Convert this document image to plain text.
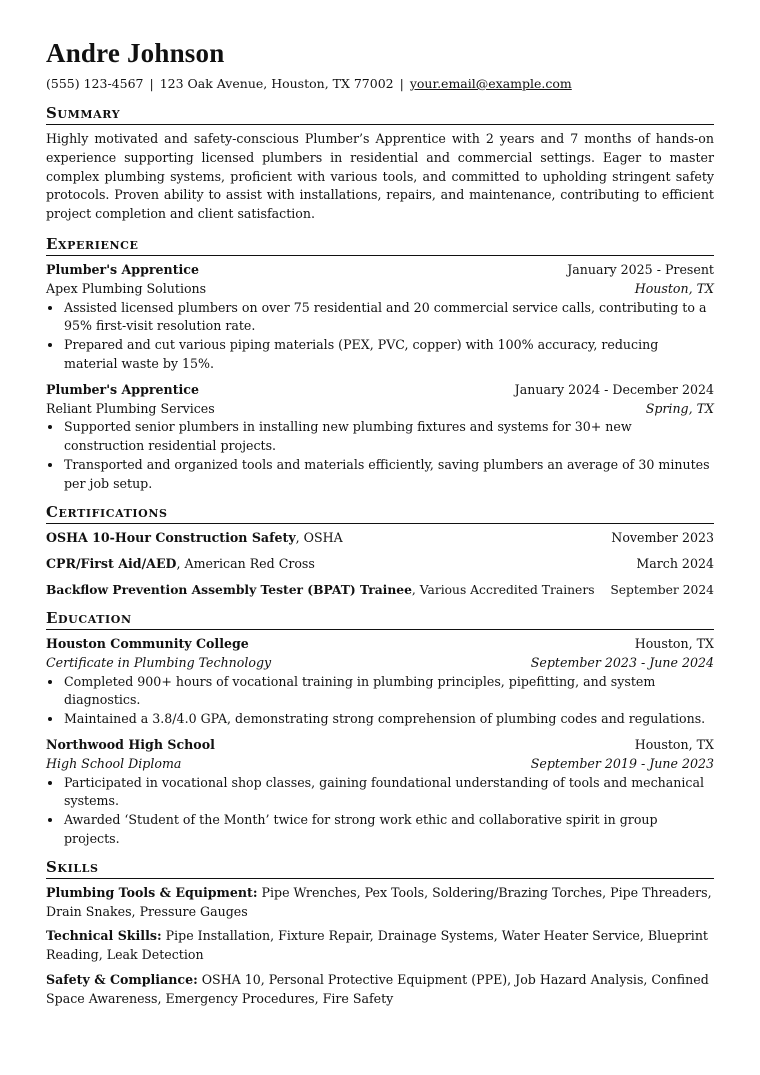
Andre Johnson
(555) 123-4567 | 123 Oak Avenue, Houston, TX 77002 | your.email@example.com
Summary
Highly motivated and safety-conscious Plumber’s Apprentice with 2 years and 7 months of hands-on experience supporting licensed plumbers in residential and commercial settings. Eager to master complex plumbing systems, proficient with various tools, and committed to upholding stringent safety protocols. Proven ability to assist with installations, repairs, and maintenance, contributing to efficient project completion and client satisfaction.
Experience
Plumber's Apprentice	January 2025 - Present
Apex Plumbing Solutions	Houston, TX
• Assisted licensed plumbers on over 75 residential and 20 commercial service calls, contributing to a 95% first-visit resolution rate.
• Prepared and cut various piping materials (PEX, PVC, copper) with 100% accuracy, reducing material waste by 15%.
Plumber's Apprentice	January 2024 - December 2024
Reliant Plumbing Services	Spring, TX
• Supported senior plumbers in installing new plumbing fixtures and systems for 30+ new construction residential projects.
• Transported and organized tools and materials efficiently, saving plumbers an average of 30 minutes per job setup.
Certifications
OSHA 10-Hour Construction Safety, OSHA	November 2023
CPR/First Aid/AED, American Red Cross	March 2024
Backflow Prevention Assembly Tester (BPAT) Trainee, Various Accredited Trainers September 2024
Education
Houston Community College	Houston, TX
Certificate in Plumbing Technology	September 2023 - June 2024
• Completed 900+ hours of vocational training in plumbing principles, pipefitting, and system diagnostics.
• Maintained a 3.8/4.0 GPA, demonstrating strong comprehension of plumbing codes and regulations.
Northwood High School	Houston, TX
High School Diploma	September 2019 - June 2023
• Participated in vocational shop classes, gaining foundational understanding of tools and mechanical systems.
• Awarded ‘Student of the Month’ twice for strong work ethic and collaborative spirit in group projects.
Skills
Plumbing Tools & Equipment: Pipe Wrenches, Pex Tools, Soldering/Brazing Torches, Pipe Threaders, Drain Snakes, Pressure Gauges
Technical Skills: Pipe Installation, Fixture Repair, Drainage Systems, Water Heater Service, Blueprint Reading, Leak Detection
Safety & Compliance: OSHA 10, Personal Protective Equipment (PPE), Job Hazard Analysis, Confined Space Awareness, Emergency Procedures, Fire Safety
